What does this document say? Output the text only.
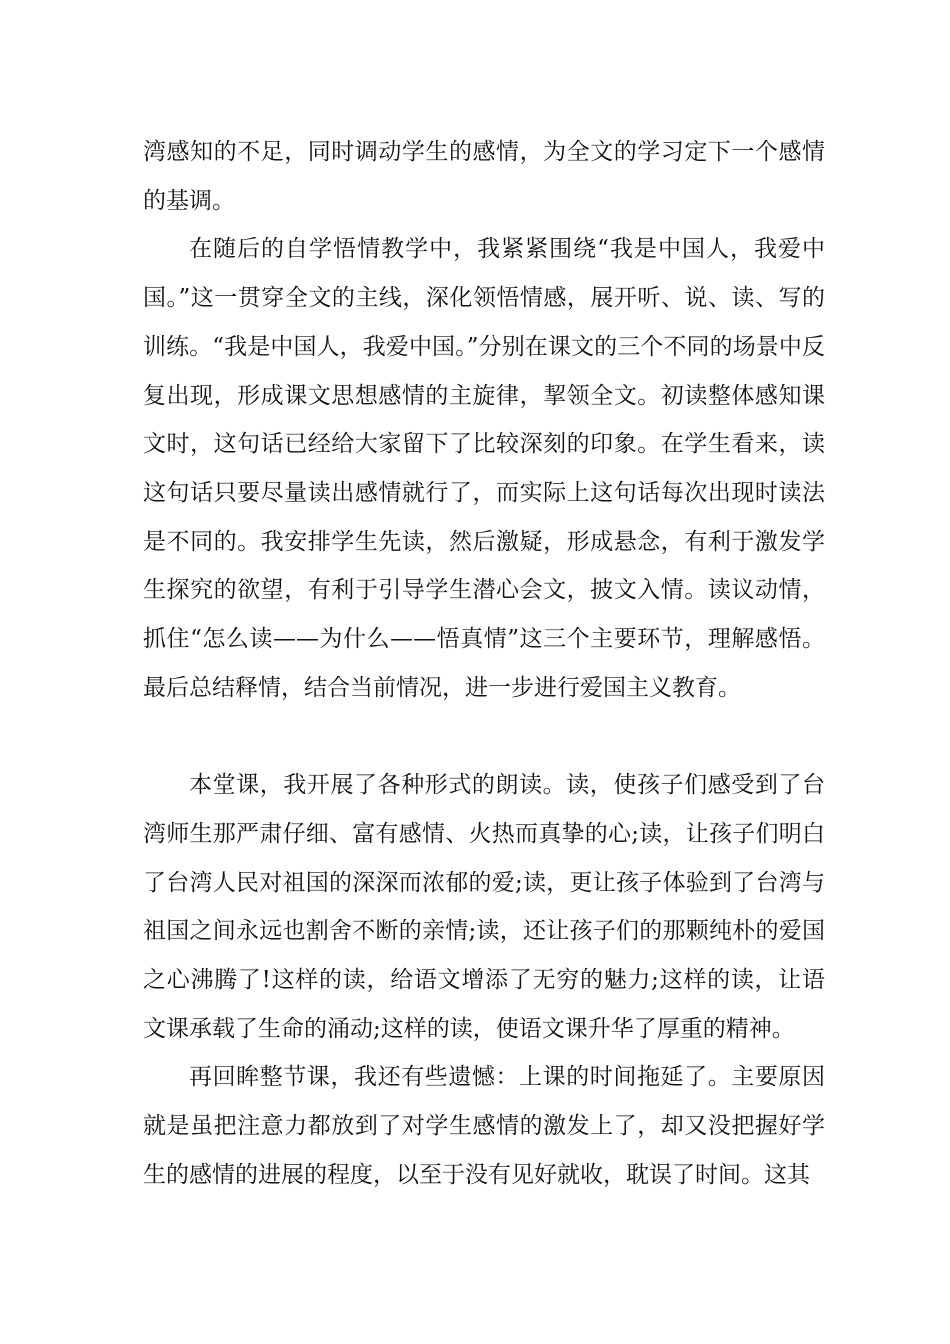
湾感知的不足，同时调动学生的感情，为全文的学习定下一个感情的基调。

在随后的自学悟情教学中，我紧紧围绕“我是中国人，我爱中国。”这一贯穿全文的主线，深化领悟情感，展开听、说、读、写的训练。“我是中国人，我爱中国。”分别在课文的三个不同的场景中反复出现，形成课文思想感情的主旋律，挈领全文。初读整体感知课文时，这句话已经给大家留下了比较深刻的印象。在学生看来，读这句话只要尽量读出感情就行了，而实际上这句话每次出现时读法是不同的。我安排学生先读，然后激疑，形成悬念，有利于激发学生探究的欲望，有利于引导学生潜心会文，披文入情。读议动情，抓住“怎么读——为什么——悟真情”这三个主要环节，理解感悟。最后总结释情，结合当前情况，进一步进行爱国主义教育。

本堂课，我开展了各种形式的朗读。读，使孩子们感受到了台湾师生那严肃仔细、富有感情、火热而真挚的心;读，让孩子们明白了台湾人民对祖国的深深而浓郁的爱;读，更让孩子体验到了台湾与祖国之间永远也割舍不断的亲情;读，还让孩子们的那颗纯朴的爱国之心沸腾了!这样的读，给语文增添了无穷的魅力;这样的读，让语文课承载了生命的涌动;这样的读，使语文课升华了厚重的精神。

再回眸整节课，我还有些遗憾：上课的时间拖延了。主要原因就是虽把注意力都放到了对学生感情的激发上了，却又没把握好学生的感情的进展的程度，以至于没有见好就收，耽误了时间。这其
